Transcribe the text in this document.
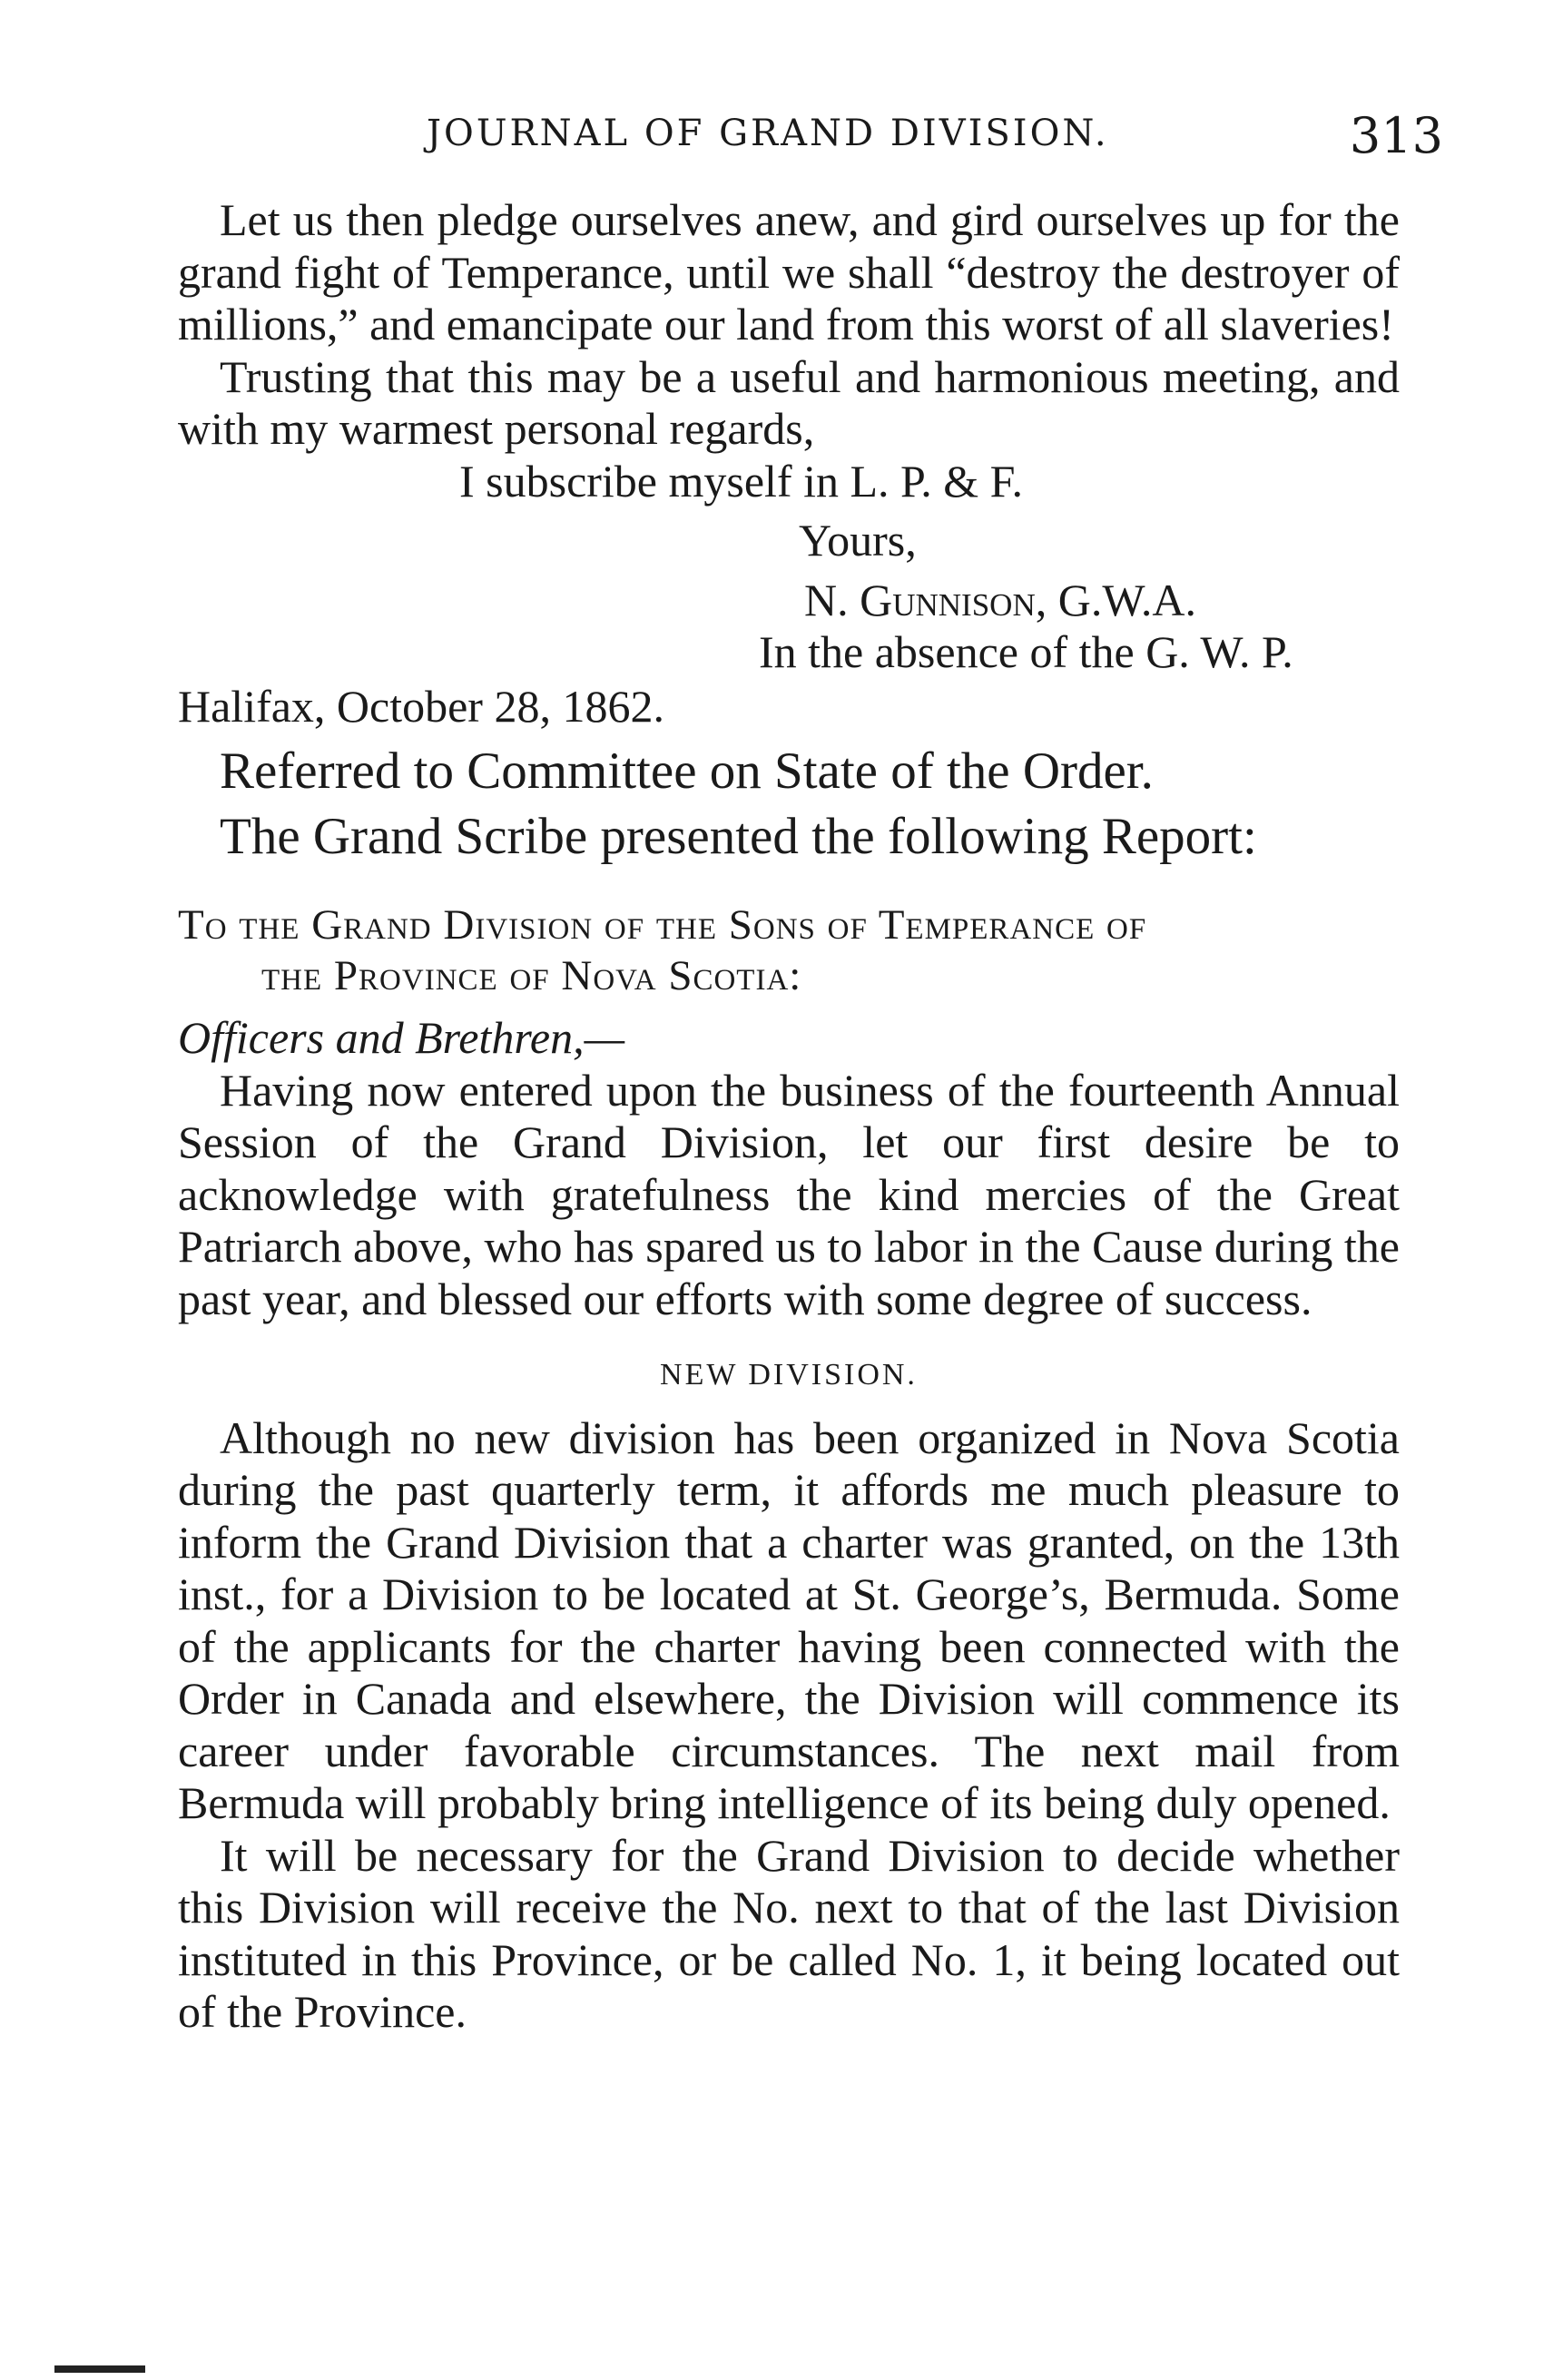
JOURNAL OF GRAND DIVISION.	313

Let us then pledge ourselves anew, and gird ourselves up for the grand fight of Temperance, until we shall “destroy the destroyer of millions,” and emancipate our land from this worst of all slaveries!

Trusting that this may be a useful and harmonious meeting, and with my warmest personal regards,

I subscribe myself in L. P. & F.
Yours,
N. Gunnison, G.W.A.
In the absence of the G. W. P.
Halifax, October 28, 1862.

Referred to Committee on State of the Order.

The Grand Scribe presented the following Report:

To the Grand Division of the Sons of Temperance of
the Province of Nova Scotia:

Officers and Brethren,—

Having now entered upon the business of the fourteenth Annual Session of the Grand Division, let our first desire be to acknowledge with gratefulness the kind mercies of the Great Patriarch above, who has spared us to labor in the Cause during the past year, and blessed our efforts with some degree of success.

NEW DIVISION.

Although no new division has been organized in Nova Scotia during the past quarterly term, it affords me much pleasure to inform the Grand Division that a charter was granted, on the 13th inst., for a Division to be located at St. George’s, Bermuda. Some of the applicants for the charter having been connected with the Order in Canada and elsewhere, the Division will commence its career under favorable circumstances. The next mail from Bermuda will probably bring intelligence of its being duly opened.

It will be necessary for the Grand Division to decide whether this Division will receive the No. next to that of the last Division instituted in this Province, or be called No. 1, it being located out of the Province.
